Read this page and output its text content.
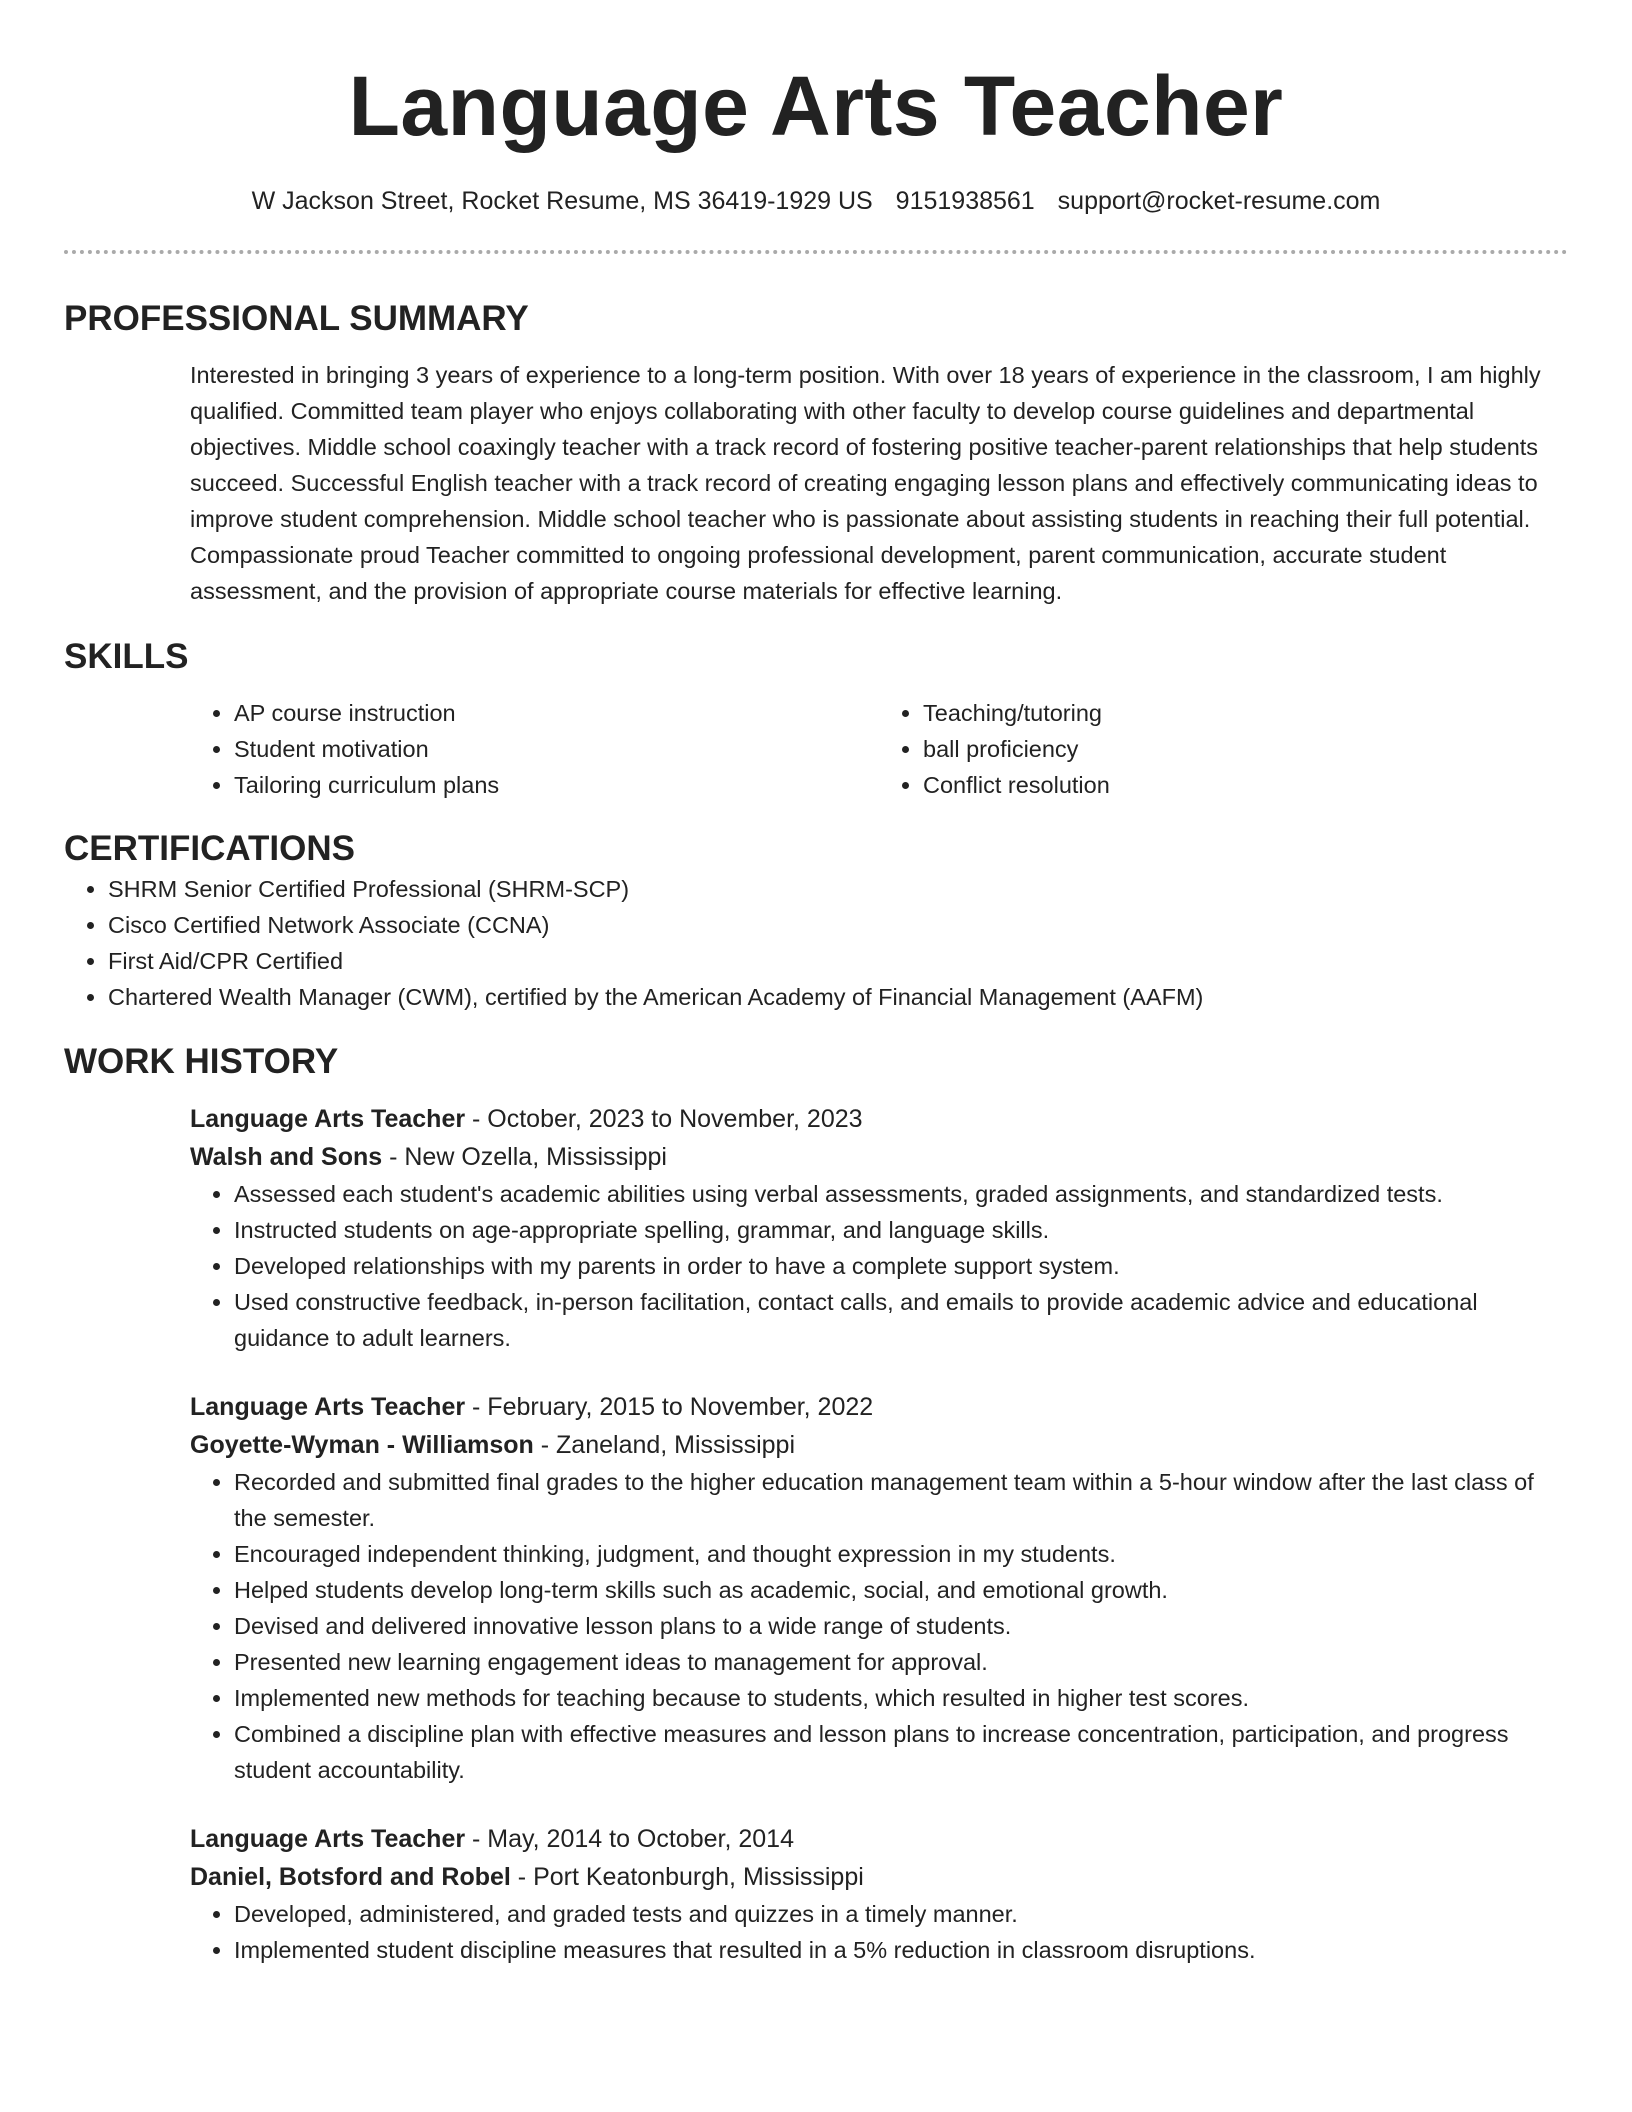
Language Arts Teacher
W Jackson Street, Rocket Resume, MS 36419-1929 US 9151938561 support@rocket-resume.com
PROFESSIONAL SUMMARY
Interested in bringing 3 years of experience to a long-term position. With over 18 years of experience in the classroom, I am highly qualified. Committed team player who enjoys collaborating with other faculty to develop course guidelines and departmental objectives. Middle school coaxingly teacher with a track record of fostering positive teacher-parent relationships that help students succeed. Successful English teacher with a track record of creating engaging lesson plans and effectively communicating ideas to improve student comprehension. Middle school teacher who is passionate about assisting students in reaching their full potential. Compassionate proud Teacher committed to ongoing professional development, parent communication, accurate student assessment, and the provision of appropriate course materials for effective learning.
SKILLS
• AP course instruction
• Student motivation
• Tailoring curriculum plans
• Teaching/tutoring
• ball proficiency
• Conflict resolution
CERTIFICATIONS
• SHRM Senior Certified Professional (SHRM-SCP)
• Cisco Certified Network Associate (CCNA)
• First Aid/CPR Certified
• Chartered Wealth Manager (CWM), certified by the American Academy of Financial Management (AAFM)
WORK HISTORY
Language Arts Teacher - October, 2023 to November, 2023
Walsh and Sons - New Ozella, Mississippi
• Assessed each student's academic abilities using verbal assessments, graded assignments, and standardized tests.
• Instructed students on age-appropriate spelling, grammar, and language skills.
• Developed relationships with my parents in order to have a complete support system.
• Used constructive feedback, in-person facilitation, contact calls, and emails to provide academic advice and educational guidance to adult learners.
Language Arts Teacher - February, 2015 to November, 2022
Goyette-Wyman - Williamson - Zaneland, Mississippi
• Recorded and submitted final grades to the higher education management team within a 5-hour window after the last class of the semester.
• Encouraged independent thinking, judgment, and thought expression in my students.
• Helped students develop long-term skills such as academic, social, and emotional growth.
• Devised and delivered innovative lesson plans to a wide range of students.
• Presented new learning engagement ideas to management for approval.
• Implemented new methods for teaching because to students, which resulted in higher test scores.
• Combined a discipline plan with effective measures and lesson plans to increase concentration, participation, and progress student accountability.
Language Arts Teacher - May, 2014 to October, 2014
Daniel, Botsford and Robel - Port Keatonburgh, Mississippi
• Developed, administered, and graded tests and quizzes in a timely manner.
• Implemented student discipline measures that resulted in a 5% reduction in classroom disruptions.
